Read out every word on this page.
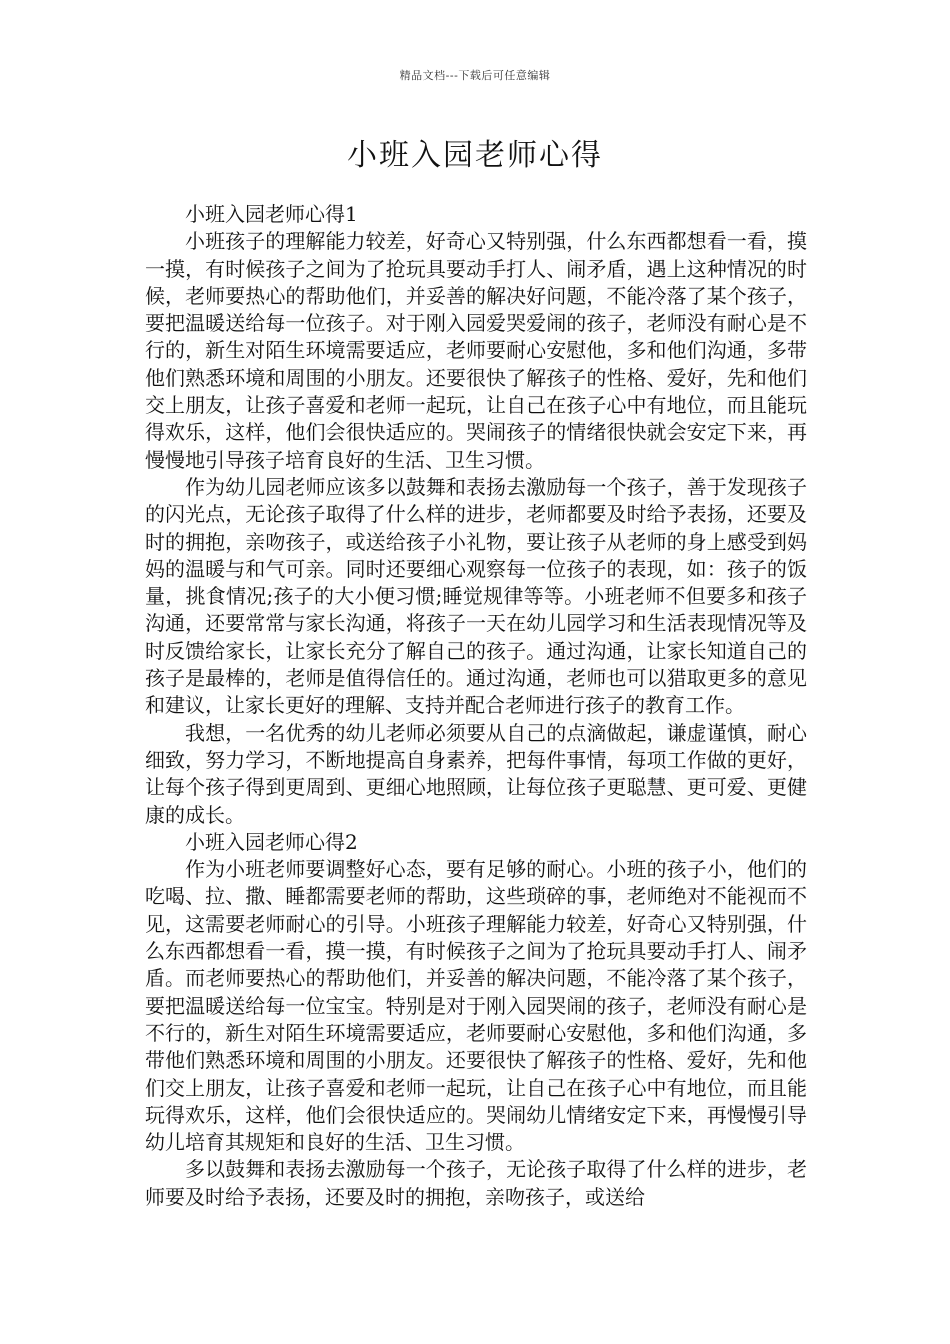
精品文档---下载后可任意编辑
小班入园老师心得

小班入园老师心得1

小班孩子的理解能力较差，好奇心又特别强，什么东西都想看一看，摸一摸，有时候孩子之间为了抢玩具要动手打人、闹矛盾，遇上这种情况的时候，老师要热心的帮助他们，并妥善的解决好问题，不能冷落了某个孩子，要把温暖送给每一位孩子。对于刚入园爱哭爱闹的孩子，老师没有耐心是不行的，新生对陌生环境需要适应，老师要耐心安慰他，多和他们沟通，多带他们熟悉环境和周围的小朋友。还要很快了解孩子的性格、爱好，先和他们交上朋友，让孩子喜爱和老师一起玩，让自己在孩子心中有地位，而且能玩得欢乐，这样，他们会很快适应的。哭闹孩子的情绪很快就会安定下来，再慢慢地引导孩子培育良好的生活、卫生习惯。

作为幼儿园老师应该多以鼓舞和表扬去激励每一个孩子，善于发现孩子的闪光点，无论孩子取得了什么样的进步，老师都要及时给予表扬，还要及时的拥抱，亲吻孩子，或送给孩子小礼物，要让孩子从老师的身上感受到妈妈的温暖与和气可亲。同时还要细心观察每一位孩子的表现，如：孩子的饭量，挑食情况;孩子的大小便习惯;睡觉规律等等。小班老师不但要多和孩子沟通，还要常常与家长沟通，将孩子一天在幼儿园学习和生活表现情况等及时反馈给家长，让家长充分了解自己的孩子。通过沟通，让家长知道自己的孩子是最棒的，老师是值得信任的。通过沟通，老师也可以猎取更多的意见和建议，让家长更好的理解、支持并配合老师进行孩子的教育工作。

我想，一名优秀的幼儿老师必须要从自己的点滴做起，谦虚谨慎，耐心细致，努力学习，不断地提高自身素养，把每件事情，每项工作做的更好，让每个孩子得到更周到、更细心地照顾，让每位孩子更聪慧、更可爱、更健康的成长。

小班入园老师心得2

作为小班老师要调整好心态，要有足够的耐心。小班的孩子小，他们的吃喝、拉、撒、睡都需要老师的帮助，这些琐碎的事，老师绝对不能视而不见，这需要老师耐心的引导。小班孩子理解能力较差，好奇心又特别强，什么东西都想看一看，摸一摸，有时候孩子之间为了抢玩具要动手打人、闹矛盾。而老师要热心的帮助他们，并妥善的解决问题，不能冷落了某个孩子，要把温暖送给每一位宝宝。特别是对于刚入园哭闹的孩子，老师没有耐心是不行的，新生对陌生环境需要适应，老师要耐心安慰他，多和他们沟通，多带他们熟悉环境和周围的小朋友。还要很快了解孩子的性格、爱好，先和他们交上朋友，让孩子喜爱和老师一起玩，让自己在孩子心中有地位，而且能玩得欢乐，这样，他们会很快适应的。哭闹幼儿情绪安定下来，再慢慢引导幼儿培育其规矩和良好的生活、卫生习惯。

多以鼓舞和表扬去激励每一个孩子，无论孩子取得了什么样的进步，老师要及时给予表扬，还要及时的拥抱，亲吻孩子，或送给
